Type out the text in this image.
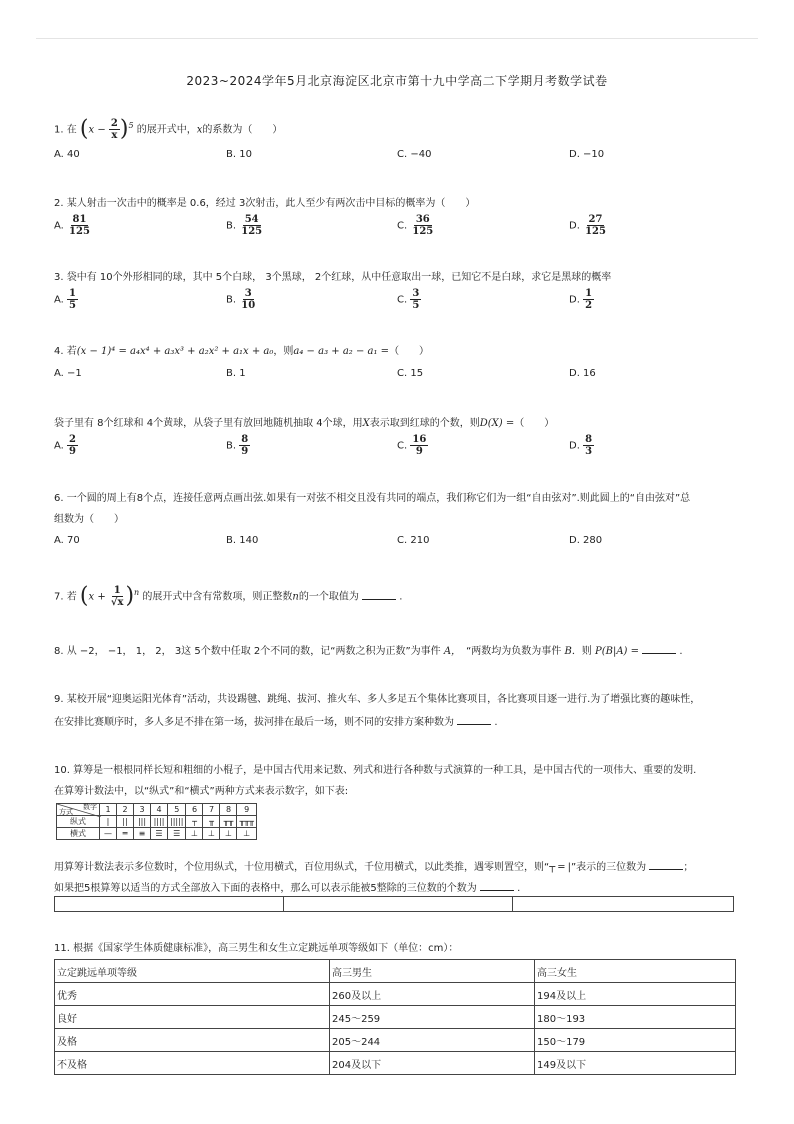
2023~2024学年5月北京海淀区北京市第十九中学高二下学期月考数学试卷
1. 在 $(x - \frac{2}{x} )^5$ 的展开式中，x的系数为（　　）
A. 40	B. 10	C. −40	D. −10
2. 某人射击一次击中的概率是 0.6，经过 3次射击，此人至少有两次击中目标的概率为（　　）
A. $\frac{81}{125}$	B. $\frac{54}{125}$	C. $\frac{36}{125}$	D. $\frac{27}{125}$
3. 袋中有 10个外形相同的球，其中 5个白球， 3个黑球， 2个红球，从中任意取出一球，已知它不是白球，求它是黑球的概率
A. $\frac{1}{5}$	B. $\frac{3}{10}$	C. $\frac{3}{5}$	D. $\frac{1}{2}$
4. 若(x − 1)⁴ = a₄x⁴ + a₃x³ + a₂x² + a₁x + a₀，则a₄ − a₃ + a₂ − a₁ =（　　）
A. −1	B. 1	C. 15	D. 16
袋子里有 8个红球和 4个黄球，从袋子里有放回地随机抽取 4个球，用X表示取到红球的个数，则D(X) =（　　）
A. $\frac{2}{9}$	B. $\frac{8}{9}$	C. $\frac{16}{9}$	D. $\frac{8}{3}$
6. 一个圆的周上有8个点，连接任意两点画出弦.如果有一对弦不相交且没有共同的端点，我们称它们为一组“自由弦对”.则此圆上的“自由弦对”总
组数为（　　）
A. 70	B. 140	C. 210	D. 280
7. 若 $(x + \frac{1}{√x} )^n$ 的展开式中含有常数项，则正整数n的一个取值为	.
8. 从 −2， −1， 1， 2， 3这 5个数中任取 2个不同的数，记“两数之积为正数”为事件 A，　 “两数均为负数为事件 B．则 P(B|A) =	.
9. 某校开展“迎奥运阳光体育”活动，共设踢毽、跳绳、拔河、推火车、多人多足五个集体比赛项目，各比赛项目逐一进行.为了增强比赛的趣味性，
在安排比赛顺序时，多人多足不排在第一场，拔河排在最后一场，则不同的安排方案种数为	.
10. 算筹是一根根同样长短和粗细的小棍子，是中国古代用来记数、列式和进行各种数与式演算的一种工具，是中国古代的一项伟大、重要的发明.
在算筹计数法中，以“纵式”和“横式”两种方式来表示数字，如下表:
数字
方式	1	2	3	4	5	6	7	8	9
纵式	|	||	|||	||||	|||||	┬	╥	╥╥	╥╥╥
横式	—	═	≡	☰	☰	⊥	⊥	⊥	⊥
用算筹计数法表示多位数时，个位用纵式，十位用横式，百位用纵式，千位用横式，以此类推，遇零则置空，则“┬ ═ |”表示的三位数为	；
如果把5根算筹以适当的方式全部放入下面的表格中，那么可以表示能被5整除的三位数的个数为	.

11. 根据《国家学生体质健康标准》，高三男生和女生立定跳远单项等级如下（单位：cm）：
立定跳远单项等级	高三男生	高三女生
优秀	260及以上	194及以上
良好	245～259	180～193
及格	205～244	150～179
不及格	204及以下	149及以下
